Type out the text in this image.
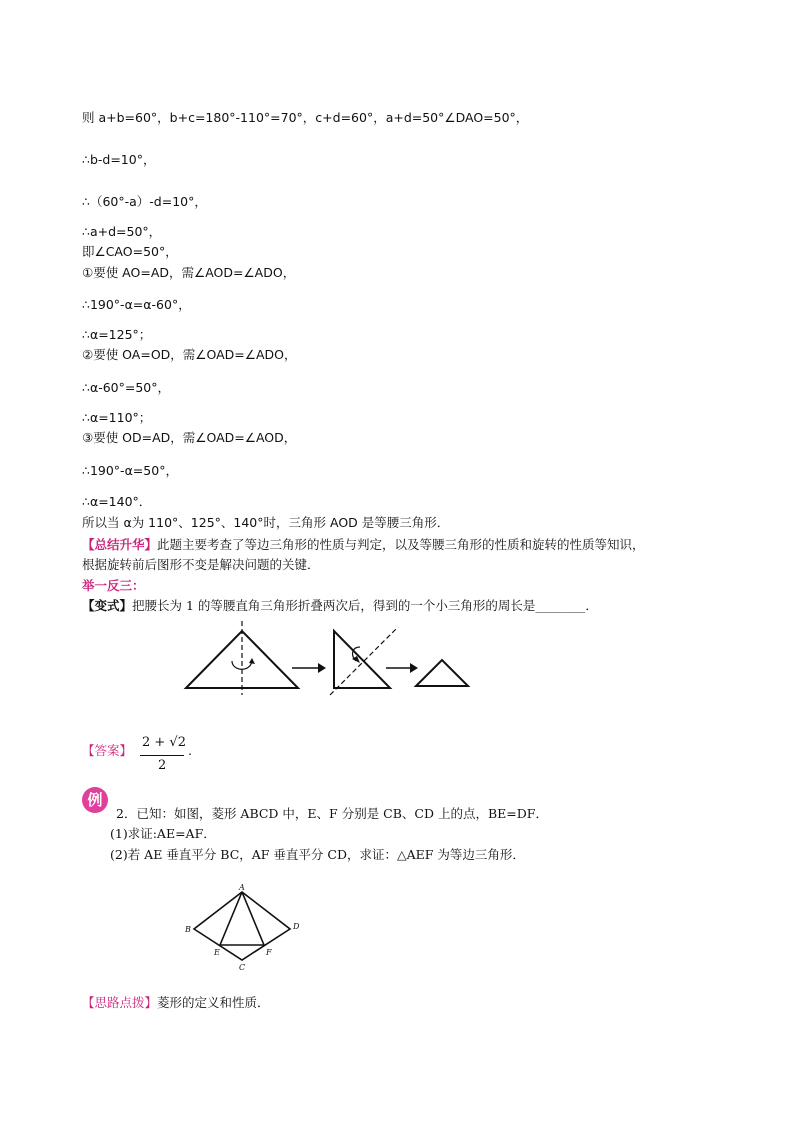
则 a+b=60°，b+c=180°-110°=70°，c+d=60°，a+d=50°∠DAO=50°，
∴b-d=10°，
∴（60°-a）-d=10°，
∴a+d=50°，
即∠CAO=50°，
①要使 AO=AD，需∠AOD=∠ADO，
∴190°-α=α-60°，
∴α=125°；
②要使 OA=OD，需∠OAD=∠ADO，
∴α-60°=50°，
∴α=110°；
③要使 OD=AD，需∠OAD=∠AOD，
∴190°-α=50°，
∴α=140°．
所以当 α为 110°、125°、140°时，三角形 AOD 是等腰三角形．
【总结升华】此题主要考查了等边三角形的性质与判定，以及等腰三角形的性质和旋转的性质等知识，
根据旋转前后图形不变是解决问题的关键．
举一反三：
【变式】把腰长为 1 的等腰直角三角形折叠两次后，得到的一个小三角形的周长是________．
【答案】
2 + √2
2
.
例
2．已知：如图，菱形 ABCD 中，E、F 分别是 CB、CD 上的点，BE=DF．
(1)求证:AE=AF．
(2)若 AE 垂直平分 BC，AF 垂直平分 CD，求证：△AEF 为等边三角形．
A
B
C
D
E	F
【思路点拨】菱形的定义和性质．
